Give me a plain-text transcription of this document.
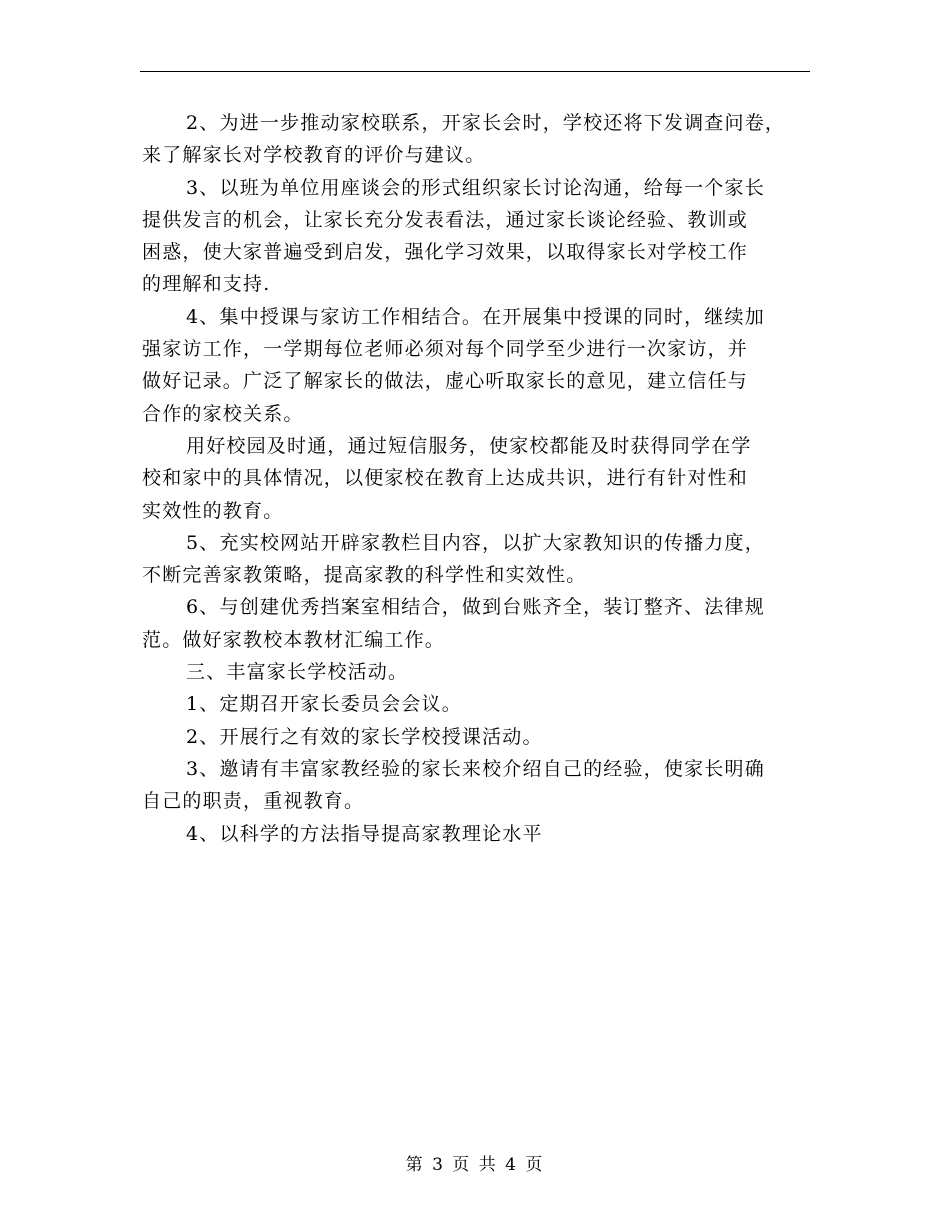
2、为进一步推动家校联系，开家长会时，学校还将下发调查问卷，
来了解家长对学校教育的评价与建议。

3、以班为单位用座谈会的形式组织家长讨论沟通，给每一个家长
提供发言的机会，让家长充分发表看法，通过家长谈论经验、教训或
困惑，使大家普遍受到启发，强化学习效果，以取得家长对学校工作
的理解和支持.

4、集中授课与家访工作相结合。在开展集中授课的同时，继续加
强家访工作，一学期每位老师必须对每个同学至少进行一次家访，并
做好记录。广泛了解家长的做法，虚心听取家长的意见，建立信任与
合作的家校关系。

用好校园及时通，通过短信服务，使家校都能及时获得同学在学
校和家中的具体情况，以便家校在教育上达成共识，进行有针对性和
实效性的教育。

5、充实校网站开辟家教栏目内容，以扩大家教知识的传播力度，
不断完善家教策略，提高家教的科学性和实效性。

6、与创建优秀挡案室相结合，做到台账齐全，装订整齐、法律规
范。做好家教校本教材汇编工作。

三、丰富家长学校活动。

1、定期召开家长委员会会议。

2、开展行之有效的家长学校授课活动。

3、邀请有丰富家教经验的家长来校介绍自己的经验，使家长明确
自己的职责，重视教育。

4、以科学的方法指导提高家教理论水平

第 3 页 共 4 页
